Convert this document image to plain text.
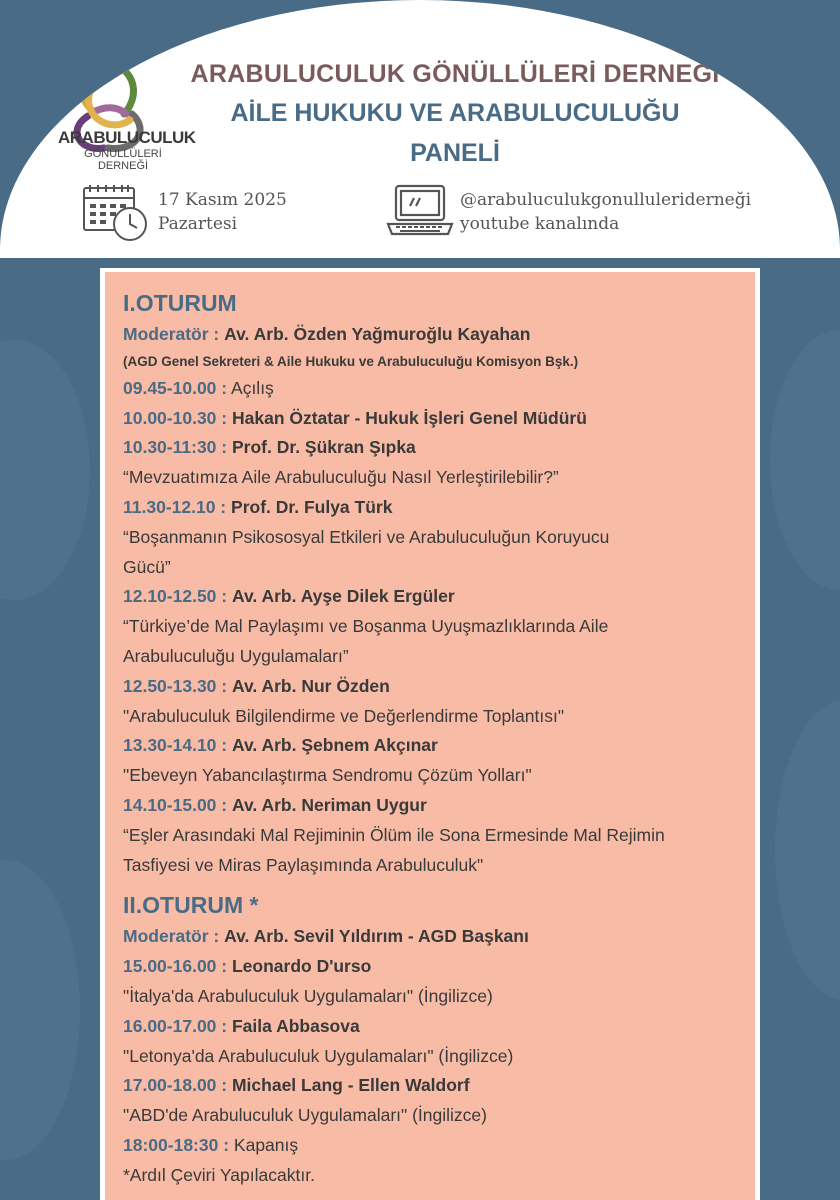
ARABULUCULUK
GÖNÜLLÜLERİ DERNEĞİ
ARABULUCULUK GÖNÜLLÜLERİ DERNEĞİ
AİLE HUKUKU VE ARABULUCULUĞU
PANELİ
17 Kasım 2025
Pazartesi
@arabuluculukgonulluleriderneği
youtube kanalında
I.OTURUM
Moderatör : Av. Arb. Özden Yağmuroğlu Kayahan
(AGD Genel Sekreteri & Aile Hukuku ve Arabuluculuğu Komisyon Bşk.)
09.45-10.00 : Açılış
10.00-10.30 : Hakan Öztatar - Hukuk İşleri Genel Müdürü
10.30-11:30 : Prof. Dr. Şükran Şıpka
“Mevzuatımıza Aile Arabuluculuğu Nasıl Yerleştirilebilir?”
11.30-12.10 : Prof. Dr. Fulya Türk
“Boşanmanın Psikososyal Etkileri ve Arabuluculuğun Koruyucu Gücü”
12.10-12.50 : Av. Arb. Ayşe Dilek Ergüler
“Türkiye’de Mal Paylaşımı ve Boşanma Uyuşmazlıklarında Aile Arabuluculuğu Uygulamaları”
12.50-13.30 : Av. Arb. Nur Özden
"Arabuluculuk Bilgilendirme ve Değerlendirme Toplantısı"
13.30-14.10 : Av. Arb. Şebnem Akçınar
"Ebeveyn Yabancılaştırma Sendromu Çözüm Yolları"
14.10-15.00 : Av. Arb. Neriman Uygur
“Eşler Arasındaki Mal Rejiminin Ölüm ile Sona Ermesinde Mal Rejimin Tasfiyesi ve Miras Paylaşımında Arabuluculuk"
II.OTURUM *
Moderatör : Av. Arb. Sevil Yıldırım - AGD Başkanı
15.00-16.00 : Leonardo D'urso
"İtalya'da Arabuluculuk Uygulamaları" (İngilizce)
16.00-17.00 : Faila Abbasova
"Letonya'da Arabuluculuk Uygulamaları" (İngilizce)
17.00-18.00 : Michael Lang - Ellen Waldorf
"ABD'de Arabuluculuk Uygulamaları" (İngilizce)
18:00-18:30 : Kapanış
*Ardıl Çeviri Yapılacaktır.
